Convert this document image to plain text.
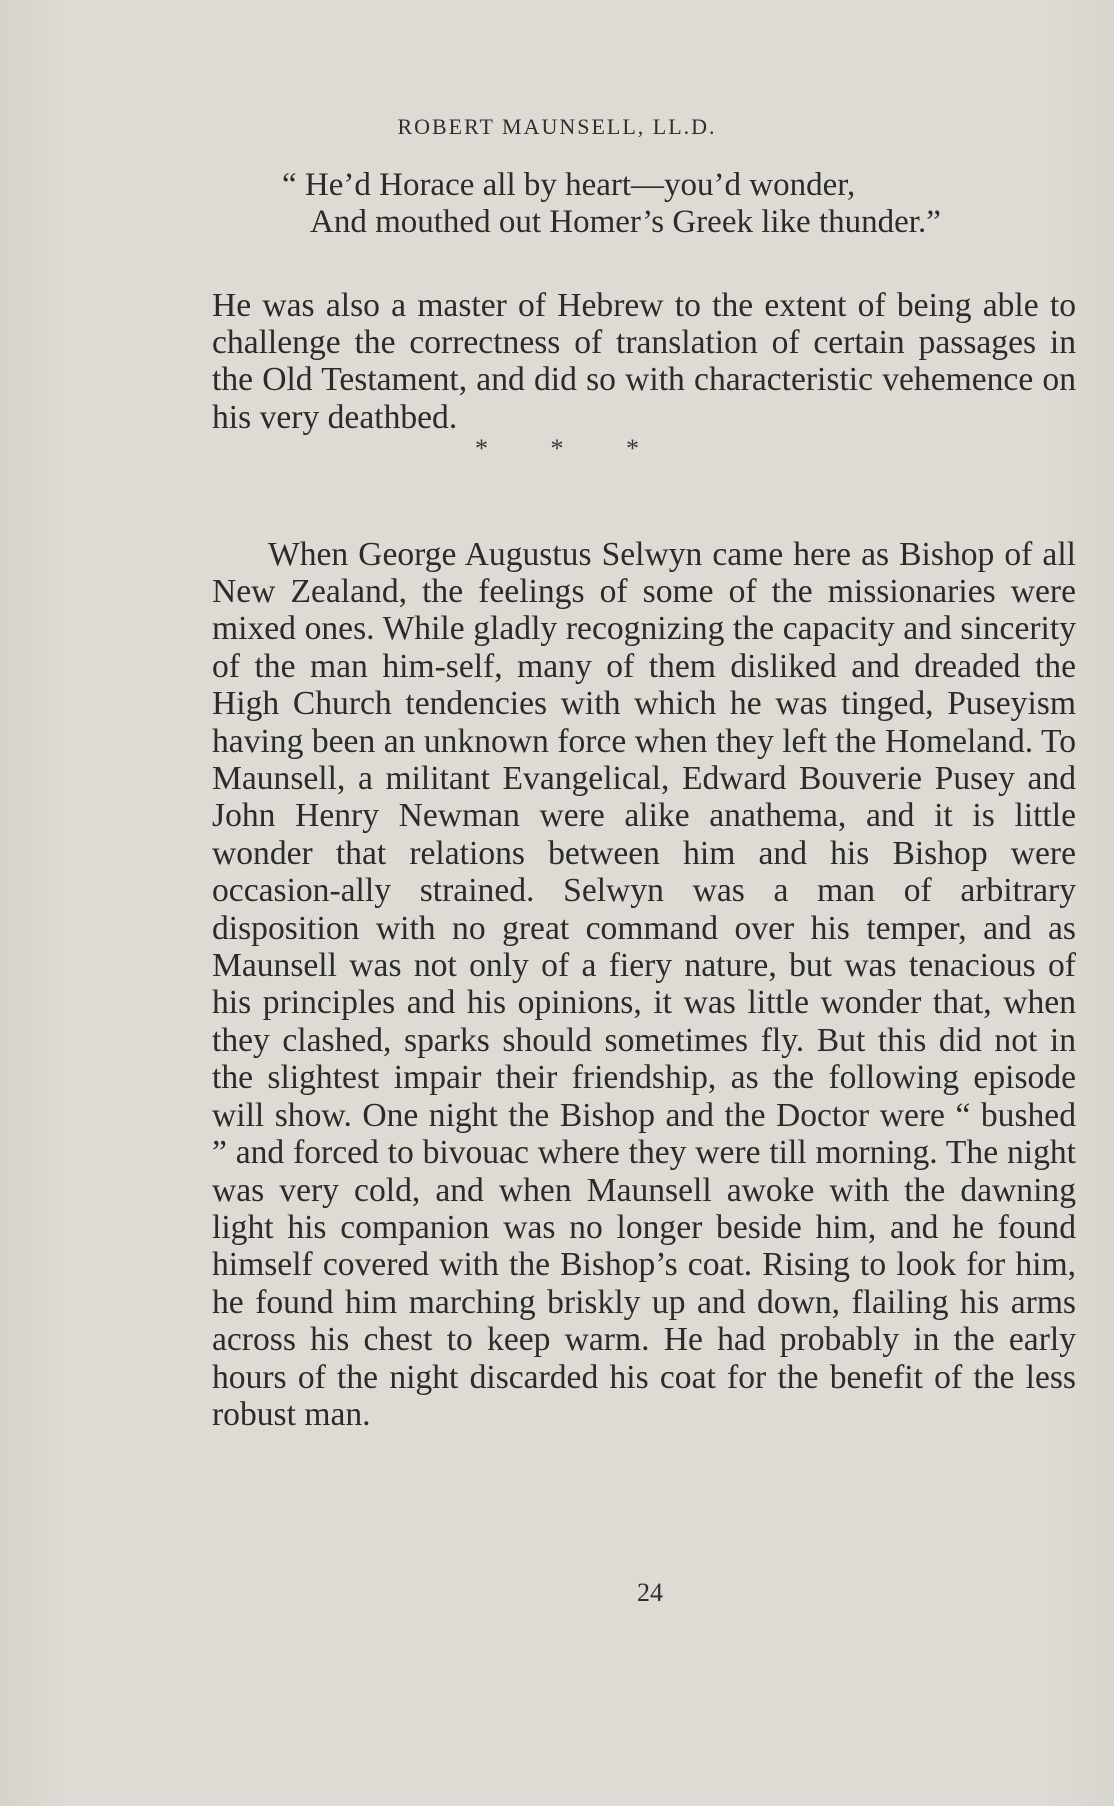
ROBERT MAUNSELL, LL.D.
“ He’d Horace all by heart—you’d wonder,
And mouthed out Homer’s Greek like thunder.”

He was also a master of Hebrew to the extent of being able to challenge the correctness of translation of certain passages in the Old Testament, and did so with characteristic vehemence on his very deathbed.

* * *

When George Augustus Selwyn came here as Bishop of all New Zealand, the feelings of some of the missionaries were mixed ones. While gladly recognizing the capacity and sincerity of the man him-self, many of them disliked and dreaded the High Church tendencies with which he was tinged, Puseyism having been an unknown force when they left the Homeland. To Maunsell, a militant Evangelical, Edward Bouverie Pusey and John Henry Newman were alike anathema, and it is little wonder that relations between him and his Bishop were occasion-ally strained. Selwyn was a man of arbitrary disposition with no great command over his temper, and as Maunsell was not only of a fiery nature, but was tenacious of his principles and his opinions, it was little wonder that, when they clashed, sparks should sometimes fly. But this did not in the slightest impair their friendship, as the following episode will show. One night the Bishop and the Doctor were “ bushed ” and forced to bivouac where they were till morning. The night was very cold, and when Maunsell awoke with the dawning light his companion was no longer beside him, and he found himself covered with the Bishop’s coat. Rising to look for him, he found him marching briskly up and down, flailing his arms across his chest to keep warm. He had probably in the early hours of the night discarded his coat for the benefit of the less robust man.

24
